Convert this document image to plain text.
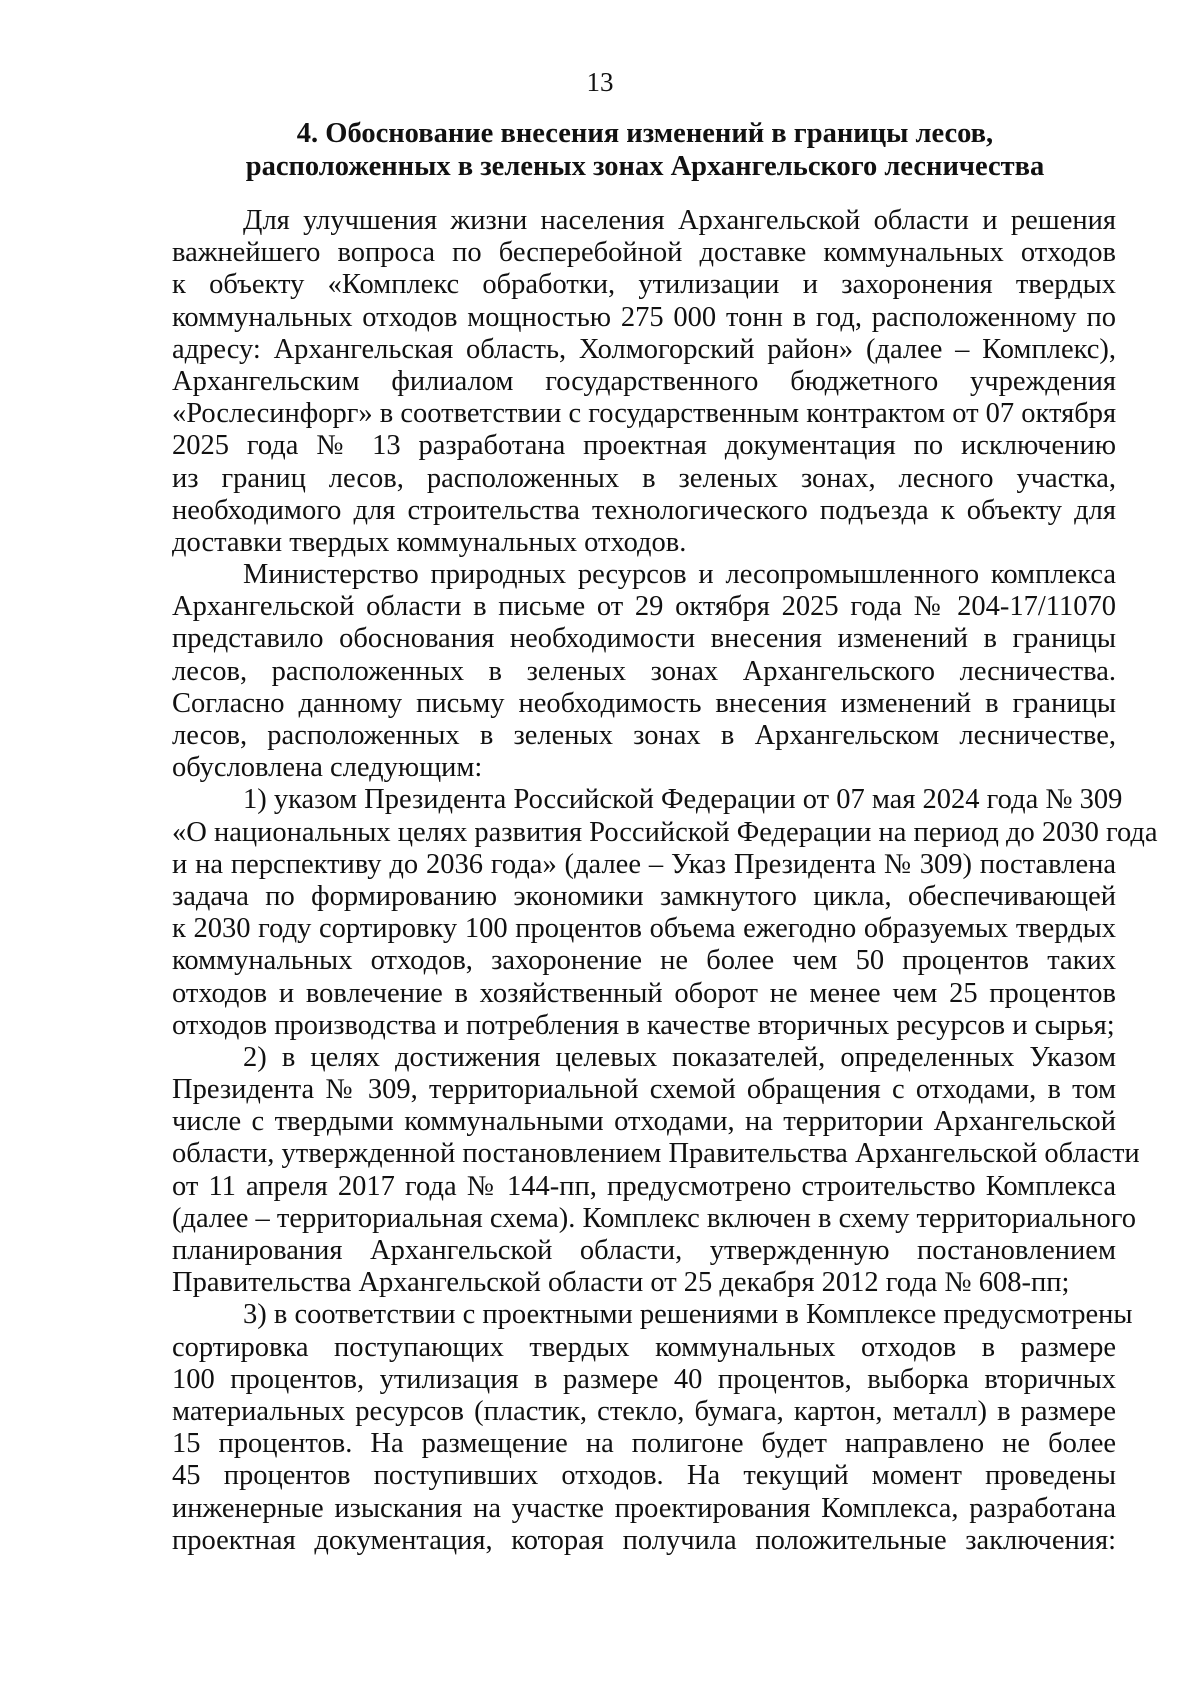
13
4. Обоснование внесения изменений в границы лесов,
расположенных в зеленых зонах Архангельского лесничества
Для улучшения жизни населения Архангельской области и решения
важнейшего вопроса по бесперебойной доставке коммунальных отходов
к объекту «Комплекс обработки, утилизации и захоронения твердых
коммунальных отходов мощностью 275 000 тонн в год, расположенному по
адресу: Архангельская область, Холмогорский район» (далее – Комплекс),
Архангельским филиалом государственного бюджетного учреждения
«Рослесинфорг» в соответствии с государственным контрактом от 07 октября
2025 года № 13 разработана проектная документация по исключению
из границ лесов, расположенных в зеленых зонах, лесного участка,
необходимого для строительства технологического подъезда к объекту для
доставки твердых коммунальных отходов.
Министерство природных ресурсов и лесопромышленного комплекса
Архангельской области в письме от 29 октября 2025 года № 204-17/11070
представило обоснования необходимости внесения изменений в границы
лесов, расположенных в зеленых зонах Архангельского лесничества.
Согласно данному письму необходимость внесения изменений в границы
лесов, расположенных в зеленых зонах в Архангельском лесничестве,
обусловлена следующим:
1) указом Президента Российской Федерации от 07 мая 2024 года № 309
«О национальных целях развития Российской Федерации на период до 2030 года
и на перспективу до 2036 года» (далее – Указ Президента № 309) поставлена
задача по формированию экономики замкнутого цикла, обеспечивающей
к 2030 году сортировку 100 процентов объема ежегодно образуемых твердых
коммунальных отходов, захоронение не более чем 50 процентов таких
отходов и вовлечение в хозяйственный оборот не менее чем 25 процентов
отходов производства и потребления в качестве вторичных ресурсов и сырья;
2) в целях достижения целевых показателей, определенных Указом
Президента № 309, территориальной схемой обращения с отходами, в том
числе с твердыми коммунальными отходами, на территории Архангельской
области, утвержденной постановлением Правительства Архангельской области
от 11 апреля 2017 года № 144-пп, предусмотрено строительство Комплекса
(далее – территориальная схема). Комплекс включен в схему территориального
планирования Архангельской области, утвержденную постановлением
Правительства Архангельской области от 25 декабря 2012 года № 608-пп;
3) в соответствии с проектными решениями в Комплексе предусмотрены
сортировка поступающих твердых коммунальных отходов в размере
100 процентов, утилизация в размере 40 процентов, выборка вторичных
материальных ресурсов (пластик, стекло, бумага, картон, металл) в размере
15 процентов. На размещение на полигоне будет направлено не более
45 процентов поступивших отходов. На текущий момент проведены
инженерные изыскания на участке проектирования Комплекса, разработана
проектная документация, которая получила положительные заключения:
